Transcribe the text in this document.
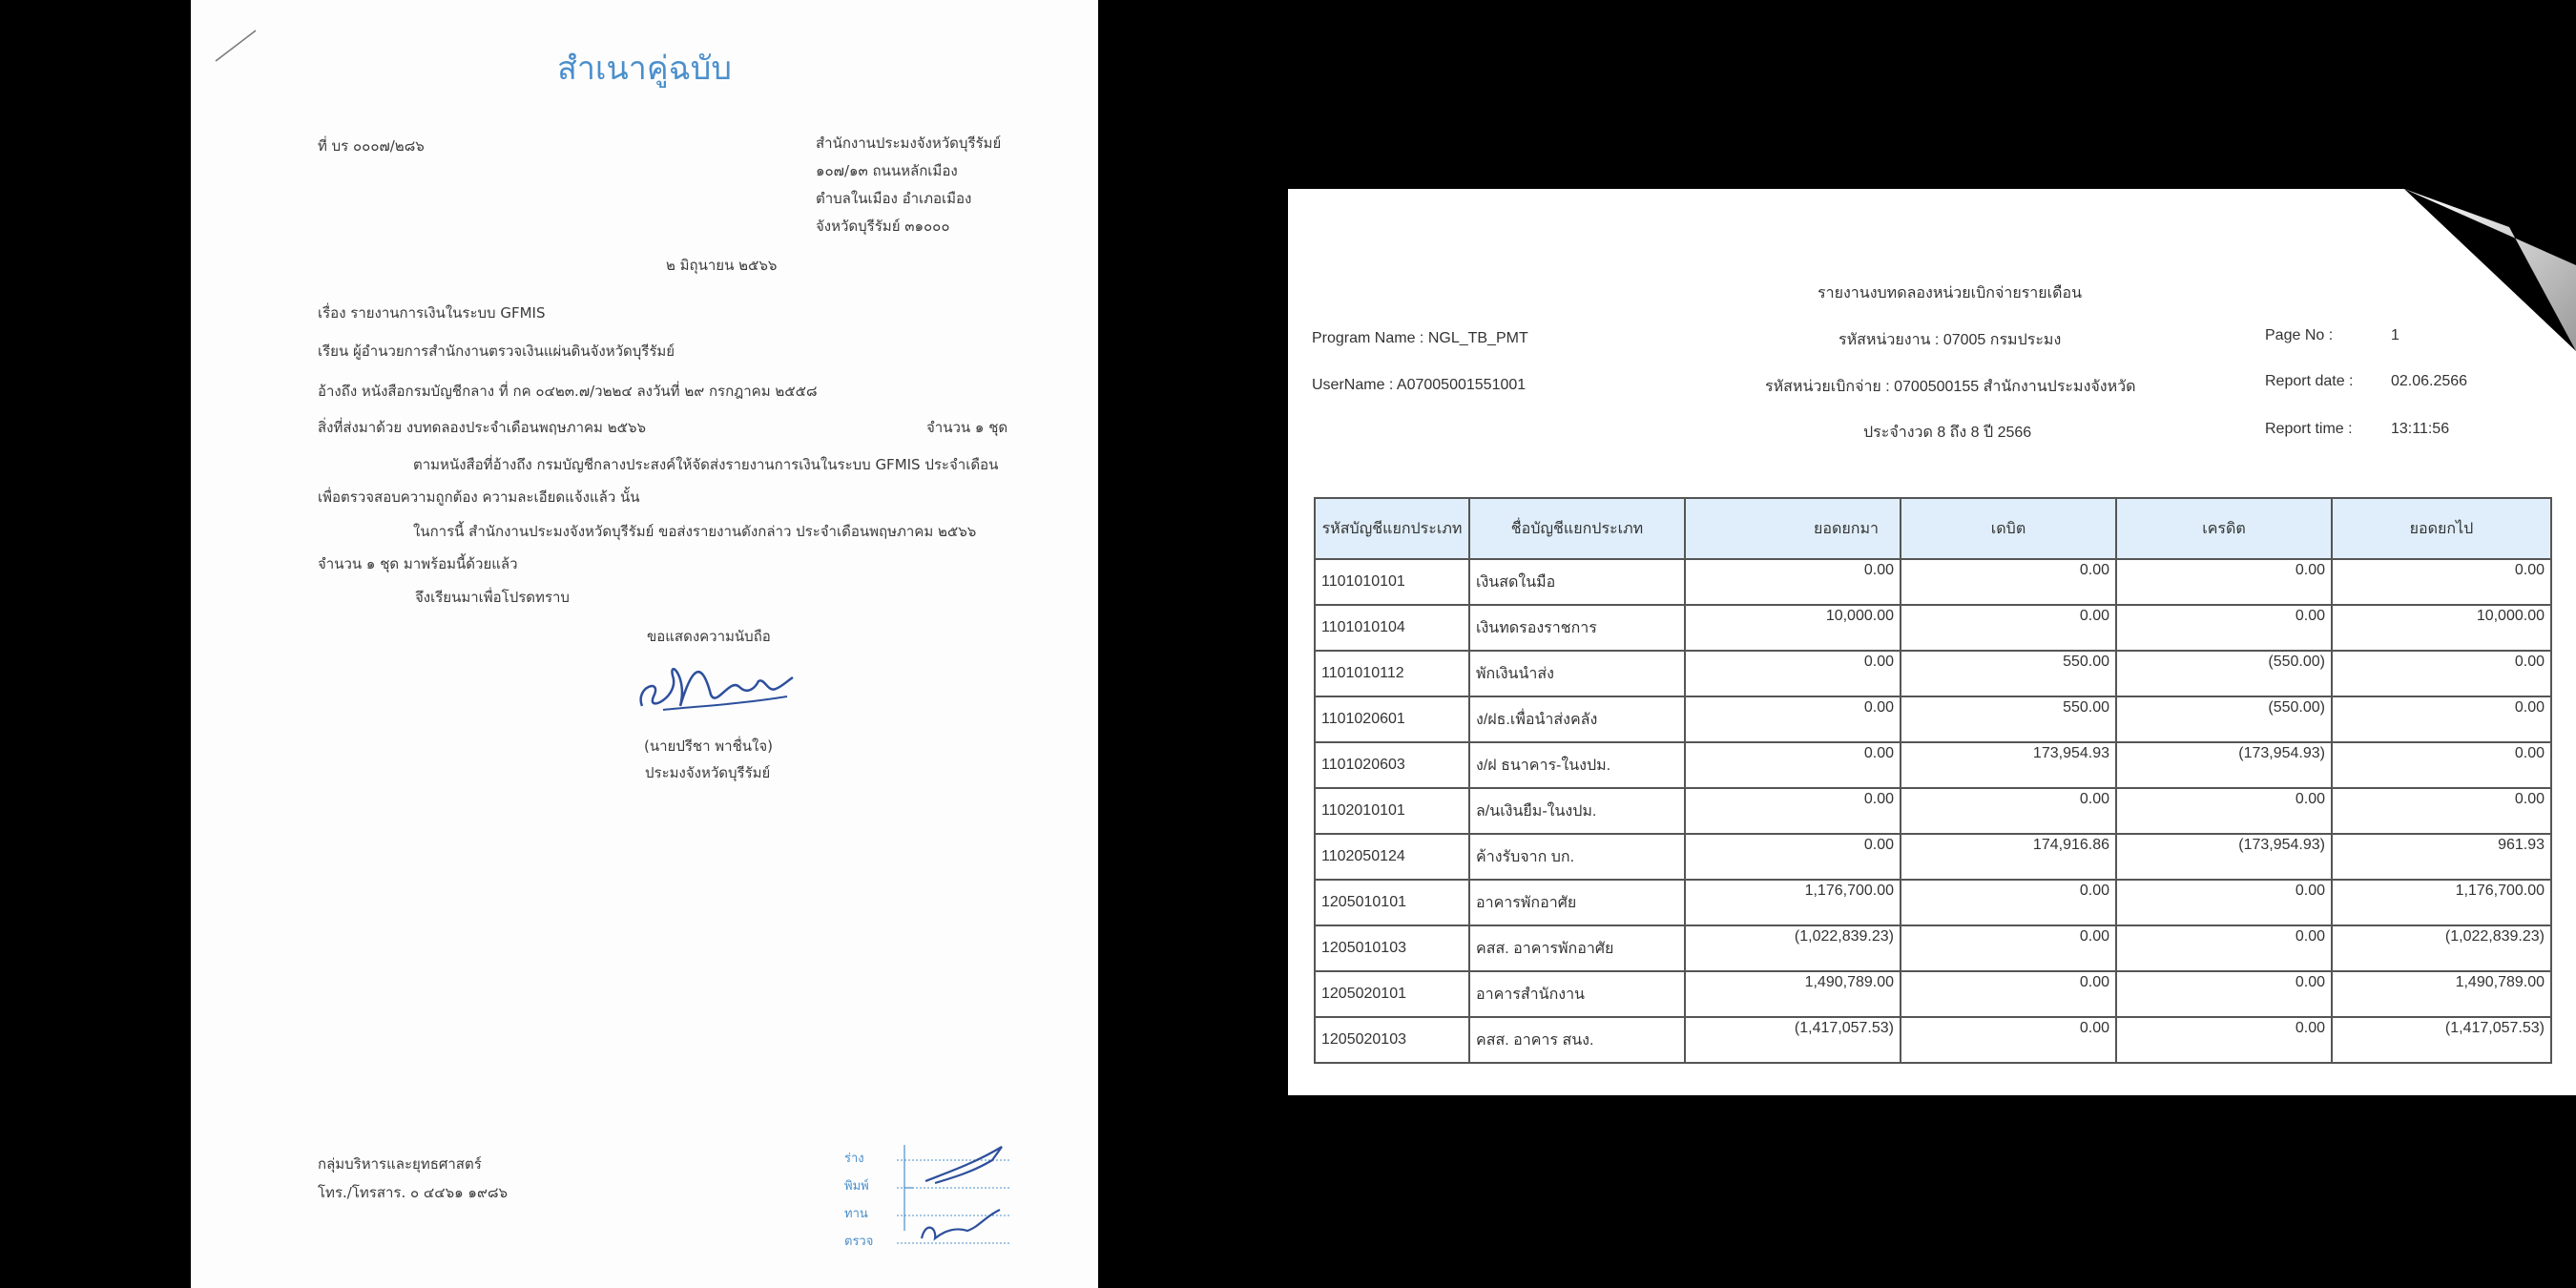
สำเนาคู่ฉบับ
ที่ บร ๐๐๐๗/๒๘๖	สำนักงานประมงจังหวัดบุรีรัมย์
๑๐๗/๑๓ ถนนหลักเมือง
ตำบลในเมือง อำเภอเมือง
จังหวัดบุรีรัมย์ ๓๑๐๐๐
๒ มิถุนายน ๒๕๖๖
เรื่อง รายงานการเงินในระบบ GFMIS
เรียน ผู้อำนวยการสำนักงานตรวจเงินแผ่นดินจังหวัดบุรีรัมย์
อ้างถึง หนังสือกรมบัญชีกลาง ที่ กค ๐๔๒๓.๗/ว๒๒๔ ลงวันที่ ๒๙ กรกฎาคม ๒๕๕๘
สิ่งที่ส่งมาด้วย งบทดลองประจำเดือนพฤษภาคม ๒๕๖๖	จำนวน ๑ ชุด
ตามหนังสือที่อ้างถึง กรมบัญชีกลางประสงค์ให้จัดส่งรายงานการเงินในระบบ GFMIS ประจำเดือน เพื่อตรวจสอบความถูกต้อง ความละเอียดแจ้งแล้ว นั้น
ในการนี้ สำนักงานประมงจังหวัดบุรีรัมย์ ขอส่งรายงานดังกล่าว ประจำเดือนพฤษภาคม ๒๕๖๖ จำนวน ๑ ชุด มาพร้อมนี้ด้วยแล้ว
จึงเรียนมาเพื่อโปรดทราบ
ขอแสดงความนับถือ
(นายปรีชา พาชื่นใจ)
ประมงจังหวัดบุรีรัมย์
กลุ่มบริหารและยุทธศาสตร์
โทร./โทรสาร. ๐ ๔๔๖๑ ๑๙๘๖
ร่าง
พิมพ์
ทาน
ตรวจ
รายงานงบทดลองหน่วยเบิกจ่ายรายเดือน
Program Name : NGL_TB_PMT
UserName : A07005001551001
รหัสหน่วยงาน : 07005 กรมประมง
รหัสหน่วยเบิกจ่าย : 0700500155 สำนักงานประมงจังหวัด
ประจำงวด 8 ถึง 8 ปี 2566
Page No :	1
Report date : 02.06.2566
Report time :	13:11:56
รหัสบัญชีแยกประเภท	ชื่อบัญชีแยกประเภท	ยอดยกมา	เดบิต	เครดิต	ยอดยกไป
1101010101	เงินสดในมือ	0.00	0.00	0.00	0.00
1101010104	เงินทดรองราชการ	10,000.00	0.00	0.00	10,000.00
1101010112	พักเงินนำส่ง	0.00	550.00	(550.00)	0.00
1101020601	ง/ฝธ.เพื่อนำส่งคลัง	0.00	550.00	(550.00)	0.00
1101020603	ง/ฝ ธนาคาร-ในงปม.	0.00	173,954.93	(173,954.93)	0.00
1102010101	ล/นเงินยืม-ในงปม.	0.00	0.00	0.00	0.00
1102050124	ค้างรับจาก บก.	0.00	174,916.86	(173,954.93)	961.93
1205010101	อาคารพักอาศัย	1,176,700.00	0.00	0.00	1,176,700.00
1205010103	คสส. อาคารพักอาศัย	(1,022,839.23)	0.00	0.00	(1,022,839.23)
1205020101	อาคารสำนักงาน	1,490,789.00	0.00	0.00	1,490,789.00
1205020103	คสส. อาคาร สนง.	(1,417,057.53)	0.00	0.00	(1,417,057.53)
